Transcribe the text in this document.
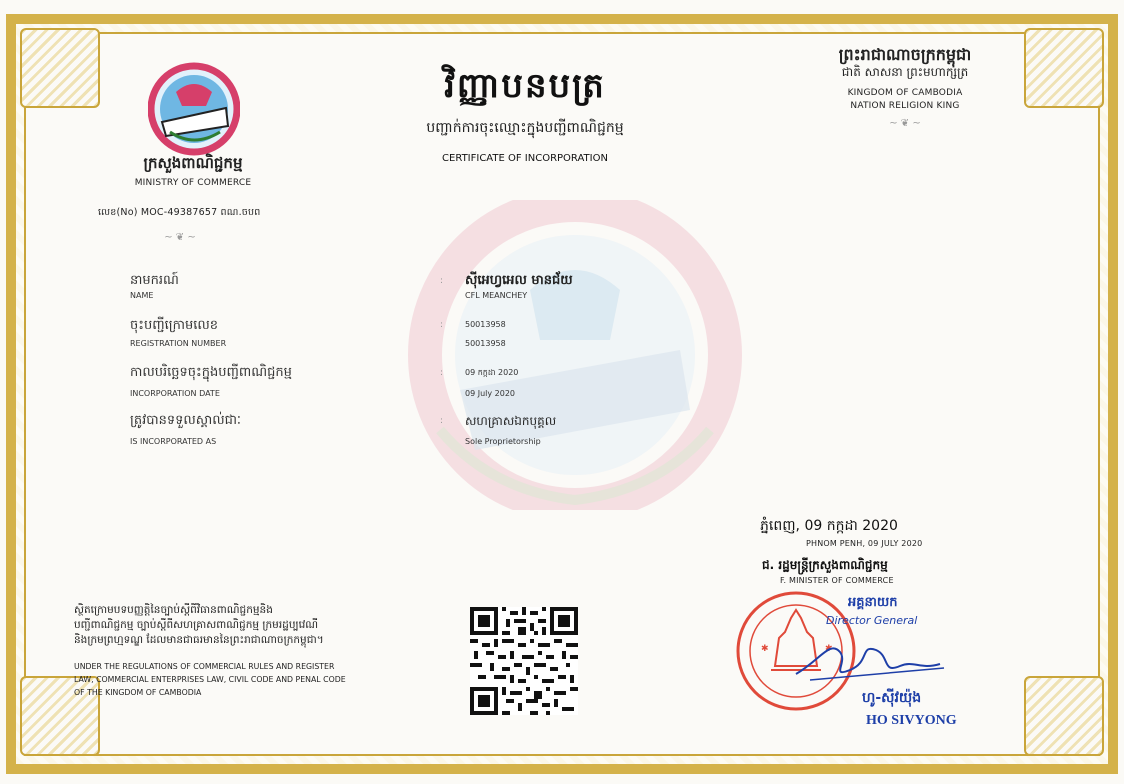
ក្រសួងពាណិជ្ជកម្ម
MINISTRY OF COMMERCE
លេខ(No) MOC-49387657 ពណ.ចបព
~ ❦ ~
វិញ្ញាបនបត្រ
បញ្ជាក់ការចុះឈ្មោះក្នុងបញ្ជីពាណិជ្ជកម្ម
CERTIFICATE OF INCORPORATION
ព្រះរាជាណាចក្រកម្ពុជា
ជាតិ សាសនា ព្រះមហាក្សត្រ
KINGDOM OF CAMBODIA
NATION RELIGION KING
~ ❦ ~
នាមករណ៍
NAME
: ស៊ីអេហ្វអេល មានជ័យ
CFL MEANCHEY
ចុះបញ្ជីក្រោមលេខ
REGISTRATION NUMBER
:	50013958
50013958
កាលបរិច្ឆេទចុះក្នុងបញ្ជីពាណិជ្ជកម្ម
INCORPORATION DATE
:	09 កក្កដា 2020
09 July 2020
ត្រូវបានទទួលស្គាល់ជាៈ
IS INCORPORATED AS
: សហគ្រាសឯកបុគ្គល
Sole Proprietorship
ស្ថិតក្រោមបទបញ្ញត្តិនៃច្បាប់ស្តីពីវិធានពាណិជ្ជកម្មនិង
បញ្ជីពាណិជ្ជកម្ម ច្បាប់ស្តីពីសហគ្រាសពាណិជ្ជកម្ម ក្រមរដ្ឋប្បវេណី
និងក្រមព្រហ្មទណ្ឌ ដែលមានជាធរមាននៃព្រះរាជាណាចក្រកម្ពុជា។
UNDER THE REGULATIONS OF COMMERCIAL RULES AND REGISTER
LAW, COMMERCIAL ENTERPRISES LAW, CIVIL CODE AND PENAL CODE
OF THE KINGDOM OF CAMBODIA
ភ្នំពេញ, 09 កក្កដា 2020
PHNOM PENH, 09 JULY 2020
ជ. រដ្ឋមន្ត្រីក្រសួងពាណិជ្ជកម្ម
F. MINISTER OF COMMERCE
✱	✱
អគ្គនាយក
Director General
ហូ-ស៊ីវយ៉ុង
HO SIVYONG
